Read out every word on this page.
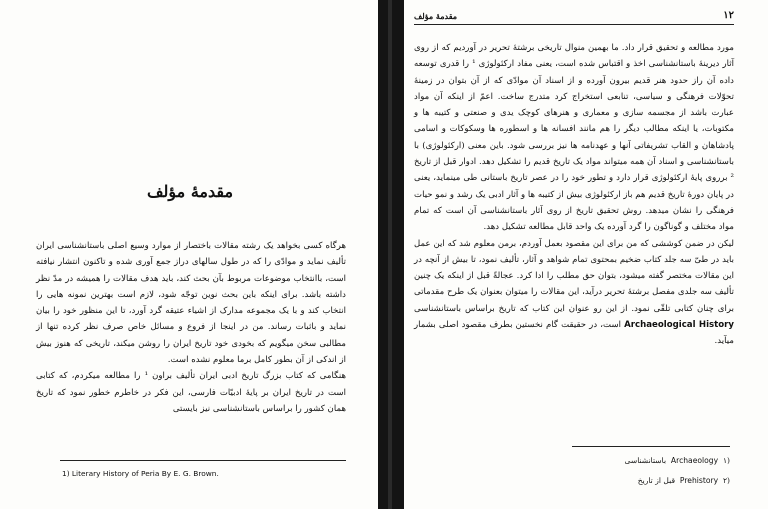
مقدمهٔ مؤلف

هرگاه کسی بخواهد یک رشته مقالات باختصار از موارد وسیع اصلی باستانشناسی ایران تألیف نماید و موادّی را که در طول سالهای دراز جمع آوری شده و تاکنون انتشار نیافته است، باانتخاب موضوعات مربوط بآن بحث کند، باید هدف مقالات را همیشه در مدّ نظر داشته باشد. برای اینکه باین بحث نوین توجّه شود، لازم است بهترین نمونه هایی را انتخاب کند و با یک مجموعه مدارک از اشیاء عتیقه گرد آورد، تا این منظور خود را بیان نماید و باثبات رساند. من در اینجا از فروع و مسائل خاص صرف نظر کرده تنها از مطالبی سخن میگویم که بخودی خود تاریخ ایران را روشن میکند، تاریخی که هنوز بیش از اندکی از آن بطور کامل برما معلوم نشده است.

هنگامی که کتاب بزرگ تاریخ ادبی ایران تألیف براون ¹ را مطالعه میکردم، که کتابی است در تاریخ ایران بر پایهٔ ادبیّات فارسی، این فکر در خاطرم خطور نمود که تاریخ همان کشور را براساس باستانشناسی نیز بایستی

1) Literary History of Peria By E. G. Brown.
۱۲
مقدمهٔ مؤلف

مورد مطالعه و تحقیق قرار داد. ما بهمین منوال تاریخی برشتهٔ تحریر در آوردیم که از روی آثار دیرینهٔ باستانشناسی اخذ و اقتباس شده است، یعنی مفاد ارکئولوژی ¹ را قدری توسعه داده آن راز حدود هنر قدیم بیرون آورده و از اسناد آن موادّی که از آن بتوان در زمینهٔ تحوّلات فرهنگی و سیاسی، تنابعی استخراج کرد متدرج ساخت. اعمّ از اینکه آن مواد عبارت باشد از مجسمه سازی و معماری و هنرهای کوچک یدی و صنعتی و کتیبه ها و مکتوبات، یا اینکه مطالب دیگر را هم مانند افسانه ها و اسطوره ها وسکوکات و اسامی پادشاهان و القاب تشریفاتی آنها و عهدنامه ها نیز بررسی شود. باین معنی (ارکئولوژی) با باستانشناسی و اسناد آن همه میتواند مواد یک تاریخ قدیم را تشکیل دهد. ادوار قبل از تاریخ ² برروی پایهٔ ارکئولوژی قرار دارد و تطور خود را در عصر تاریخ باستانی طی مینماید، یعنی در پایان دورهٔ تاریخ قدیم هم باز ارکئولوژی بیش از کتیبه ها و آثار ادبی یک رشد و نمو حیات فرهنگی را نشان میدهد. روش تحقیق تاریخ از روی آثار باستانشناسی آن است که تمام مواد مختلف و گوناگون را گرد آورده یک واحد قابل مطالعه تشکیل دهد.

لیکن در ضمن کوششی که من برای این مقصود بعمل آوردم، برمن معلوم شد که این عمل باید در طیّ سه جلد کتاب ضخیم بمحتوی تمام شواهد و آثار، تألیف نمود، تا بیش از آنچه در این مقالات مختصر گفته میشود، بتوان حق مطلب را ادا کرد. عجالةً قبل از اینکه یک چنین تألیف سه جلدی مفصل برشتهٔ تحریر درآید، این مقالات را میتوان بعنوان یک طرح مقدماتی برای چنان کتابی تلقّی نمود. از این رو عنوان این کتاب که تاریخ براساس باستانشناسی Archaeological History است، در حقیقت گام نخستین بطرف مقصود اصلی بشمار میآید.

(۱  Archaeology  باستانشناسی
(۲  Prehistory  قبل از تاریخ
